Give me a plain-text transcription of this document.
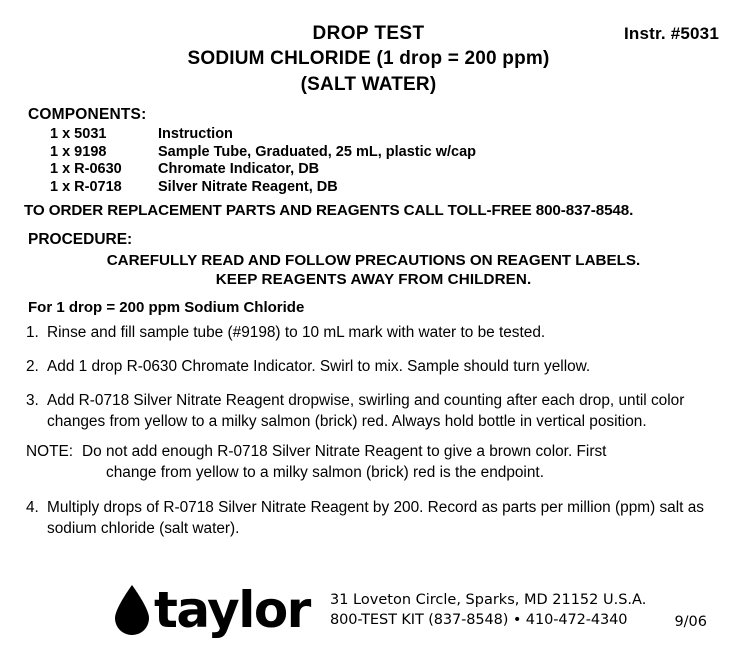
Instr. #5031
DROP TEST
SODIUM CHLORIDE (1 drop = 200 ppm)
(SALT WATER)
COMPONENTS:
1 x 5031	Instruction
1 x 9198	Sample Tube, Graduated, 25 mL, plastic w/cap
1 x R-0630	Chromate Indicator, DB
1 x R-0718	Silver Nitrate Reagent, DB
TO ORDER REPLACEMENT PARTS AND REAGENTS CALL TOLL-FREE 800-837-8548.
PROCEDURE:
CAREFULLY READ AND FOLLOW PRECAUTIONS ON REAGENT LABELS.
KEEP REAGENTS AWAY FROM CHILDREN.
For 1 drop = 200 ppm Sodium Chloride
1. Rinse and fill sample tube (#9198) to 10 mL mark with water to be tested.
2. Add 1 drop R-0630 Chromate Indicator. Swirl to mix. Sample should turn yellow.
3. Add R-0718 Silver Nitrate Reagent dropwise, swirling and counting after each drop, until color changes from yellow to a milky salmon (brick) red. Always hold bottle in vertical position.
NOTE: Do not add enough R-0718 Silver Nitrate Reagent to give a brown color. First
change from yellow to a milky salmon (brick) red is the endpoint.
4. Multiply drops of R-0718 Silver Nitrate Reagent by 200. Record as parts per million (ppm) salt as sodium chloride (salt water).
taylor 31 Loveton Circle, Sparks, MD 21152 U.S.A.
800-TEST KIT (837-8548) • 410-472-4340	9/06
